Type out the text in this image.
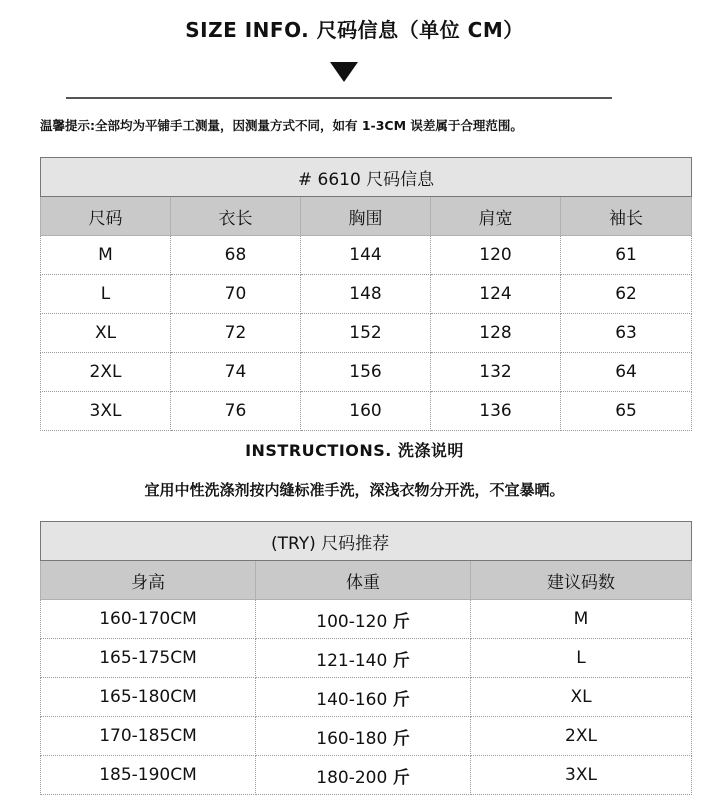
SIZE INFO. 尺码信息（单位 CM）
温馨提示:全部均为平铺手工测量，因测量方式不同，如有 1-3CM 误差属于合理范围。
# 6610 尺码信息				
尺码	衣长	胸围	肩宽	袖长
M	68	144	120	61
L	70	148	124	62
XL	72	152	128	63
2XL	74	156	132	64
3XL	76	160	136	65
INSTRUCTIONS. 洗涤说明
宜用中性洗涤剂按内缝标准手洗，深浅衣物分开洗，不宜暴晒。
(TRY) 尺码推荐		
身高	体重	建议码数
160-170CM	100-120 斤	M
165-175CM	121-140 斤	L
165-180CM	140-160 斤	XL
170-185CM	160-180 斤	2XL
185-190CM	180-200 斤	3XL
